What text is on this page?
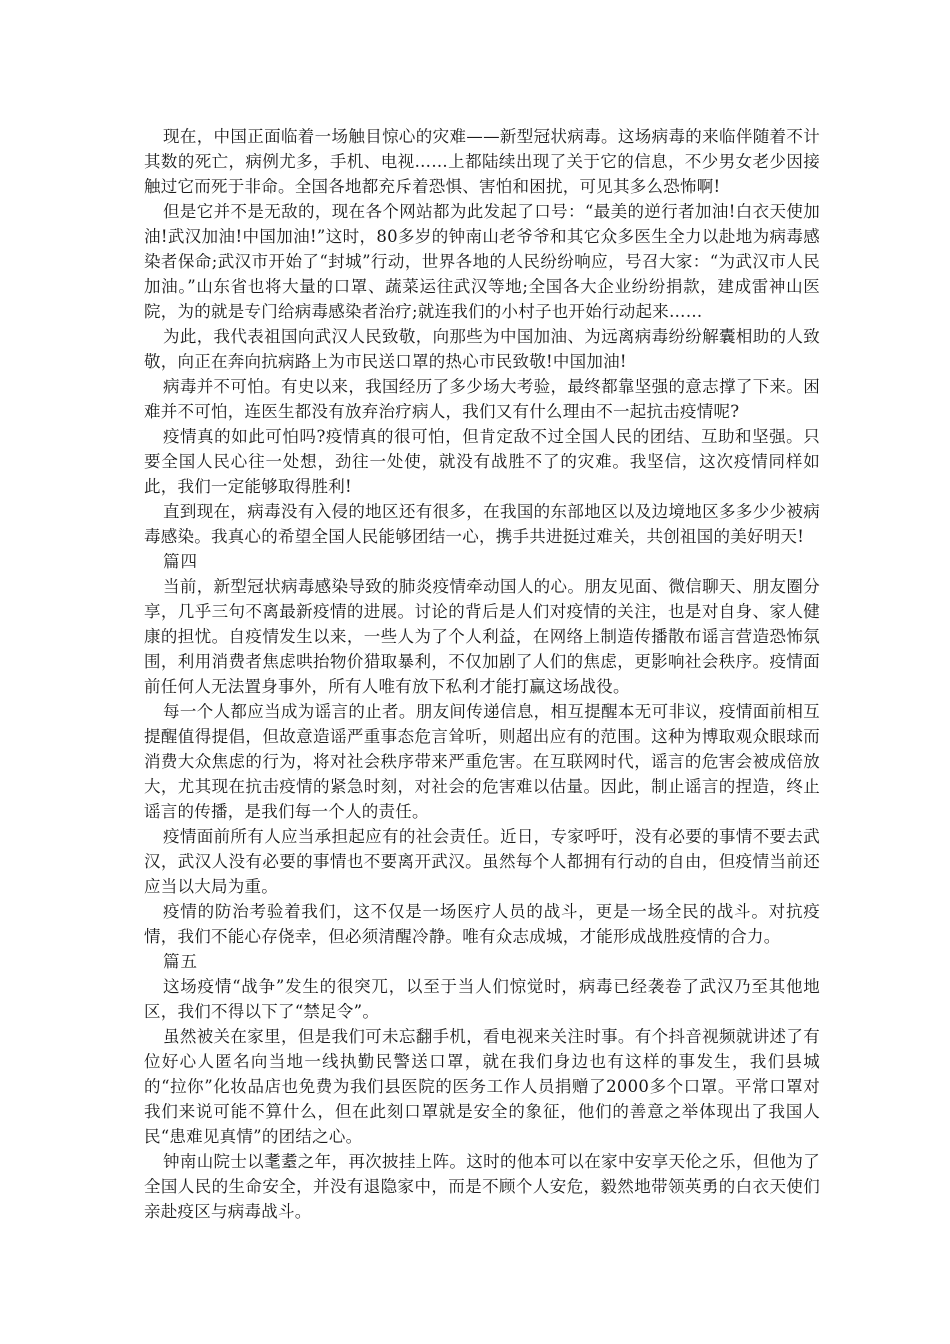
现在，中国正面临着一场触目惊心的灾难——新型冠状病毒。这场病毒的来临伴随着不计其数的死亡，病例尤多，手机、电视……上都陆续出现了关于它的信息，不少男女老少因接触过它而死于非命。全国各地都充斥着恐惧、害怕和困扰，可见其多么恐怖啊!

但是它并不是无敌的，现在各个网站都为此发起了口号：“最美的逆行者加油!白衣天使加油!武汉加油!中国加油!”这时，80多岁的钟南山老爷爷和其它众多医生全力以赴地为病毒感染者保命;武汉市开始了“封城”行动，世界各地的人民纷纷响应，号召大家：“为武汉市人民加油。”山东省也将大量的口罩、蔬菜运往武汉等地;全国各大企业纷纷捐款，建成雷神山医院，为的就是专门给病毒感染者治疗;就连我们的小村子也开始行动起来……

为此，我代表祖国向武汉人民致敬，向那些为中国加油、为远离病毒纷纷解囊相助的人致敬，向正在奔向抗病路上为市民送口罩的热心市民致敬!中国加油!

病毒并不可怕。有史以来，我国经历了多少场大考验，最终都靠坚强的意志撑了下来。困难并不可怕，连医生都没有放弃治疗病人，我们又有什么理由不一起抗击疫情呢?

疫情真的如此可怕吗?疫情真的很可怕，但肯定敌不过全国人民的团结、互助和坚强。只要全国人民心往一处想，劲往一处使，就没有战胜不了的灾难。我坚信，这次疫情同样如此，我们一定能够取得胜利!

直到现在，病毒没有入侵的地区还有很多，在我国的东部地区以及边境地区多多少少被病毒感染。我真心的希望全国人民能够团结一心，携手共进挺过难关，共创祖国的美好明天!

篇四

当前，新型冠状病毒感染导致的肺炎疫情牵动国人的心。朋友见面、微信聊天、朋友圈分享，几乎三句不离最新疫情的进展。讨论的背后是人们对疫情的关注，也是对自身、家人健康的担忧。自疫情发生以来，一些人为了个人利益，在网络上制造传播散布谣言营造恐怖氛围，利用消费者焦虑哄抬物价猎取暴利，不仅加剧了人们的焦虑，更影响社会秩序。疫情面前任何人无法置身事外，所有人唯有放下私利才能打赢这场战役。

每一个人都应当成为谣言的止者。朋友间传递信息，相互提醒本无可非议，疫情面前相互提醒值得提倡，但故意造谣严重事态危言耸听，则超出应有的范围。这种为博取观众眼球而消费大众焦虑的行为，将对社会秩序带来严重危害。在互联网时代，谣言的危害会被成倍放大，尤其现在抗击疫情的紧急时刻，对社会的危害难以估量。因此，制止谣言的捏造，终止谣言的传播，是我们每一个人的责任。

疫情面前所有人应当承担起应有的社会责任。近日，专家呼吁，没有必要的事情不要去武汉，武汉人没有必要的事情也不要离开武汉。虽然每个人都拥有行动的自由，但疫情当前还应当以大局为重。

疫情的防治考验着我们，这不仅是一场医疗人员的战斗，更是一场全民的战斗。对抗疫情，我们不能心存侥幸，但必须清醒冷静。唯有众志成城，才能形成战胜疫情的合力。

篇五

这场疫情“战争”发生的很突兀，以至于当人们惊觉时，病毒已经袭卷了武汉乃至其他地区，我们不得以下了“禁足令”。

虽然被关在家里，但是我们可未忘翻手机，看电视来关注时事。有个抖音视频就讲述了有位好心人匿名向当地一线执勤民警送口罩，就在我们身边也有这样的事发生，我们县城的“拉你”化妆品店也免费为我们县医院的医务工作人员捐赠了2000多个口罩。平常口罩对我们来说可能不算什么，但在此刻口罩就是安全的象征，他们的善意之举体现出了我国人民“患难见真情”的团结之心。

钟南山院士以耄耋之年，再次披挂上阵。这时的他本可以在家中安享天伦之乐，但他为了全国人民的生命安全，并没有退隐家中，而是不顾个人安危，毅然地带领英勇的白衣天使们亲赴疫区与病毒战斗。
